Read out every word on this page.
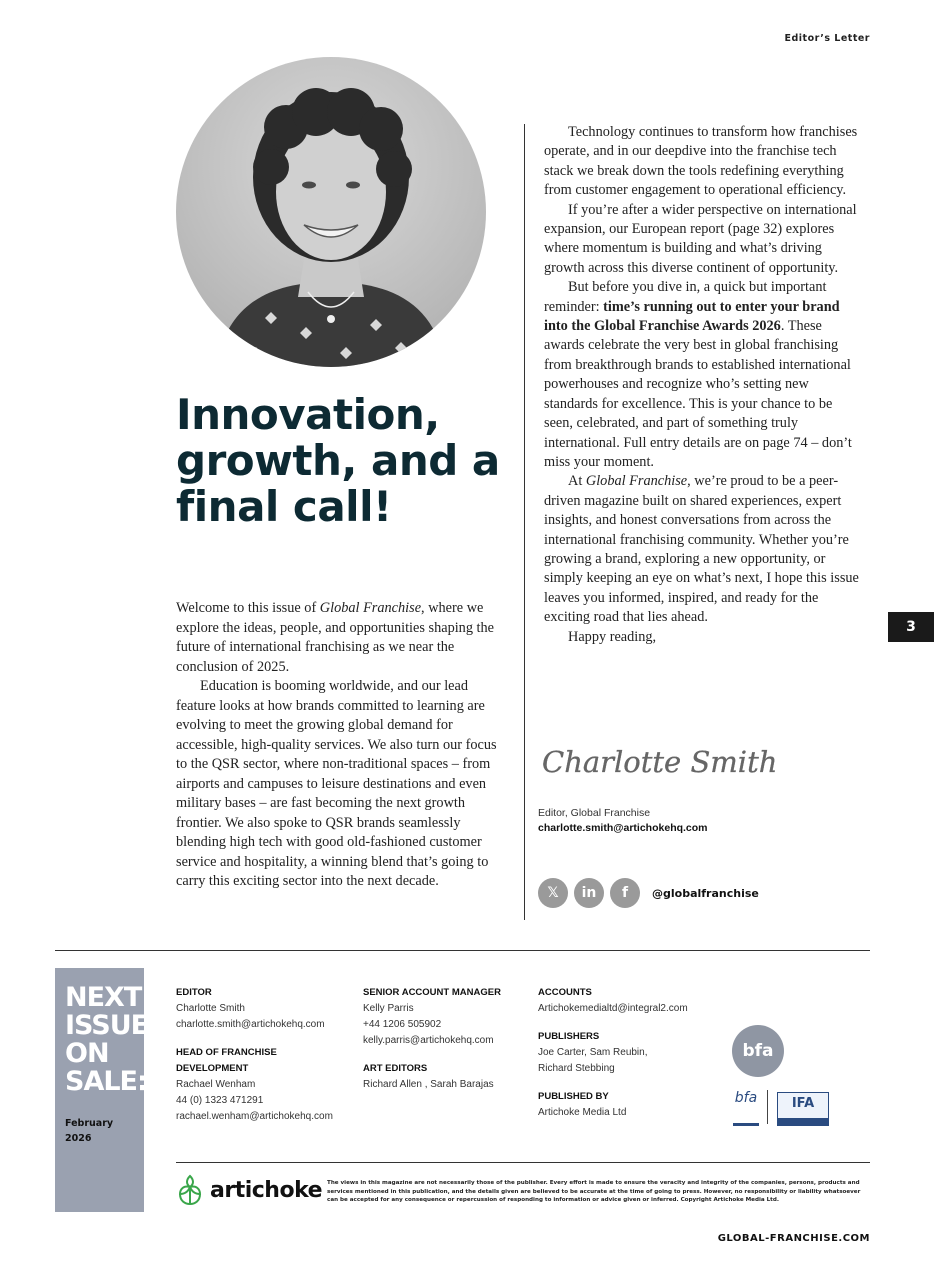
Editor’s Letter
Innovation, growth, and a final call!
Welcome to this issue of Global Franchise, where we explore the ideas, people, and opportunities shaping the future of international franchising as we near the conclusion of 2025.
Education is booming worldwide, and our lead feature looks at how brands committed to learning are evolving to meet the growing global demand for accessible, high-quality services. We also turn our focus to the QSR sector, where non-traditional spaces – from airports and campuses to leisure destinations and even military bases – are fast becoming the next growth frontier. We also spoke to QSR brands seamlessly blending high tech with good old-fashioned customer service and hospitality, a winning blend that’s going to carry this exciting sector into the next decade.
Technology continues to transform how franchises operate, and in our deepdive into the franchise tech stack we break down the tools redefining everything from customer engagement to operational efficiency.
If you’re after a wider perspective on international expansion, our European report (page 32) explores where momentum is building and what’s driving growth across this diverse continent of opportunity.
But before you dive in, a quick but important reminder: time’s running out to enter your brand into the Global Franchise Awards 2026. These awards celebrate the very best in global franchising from breakthrough brands to established international powerhouses and recognize who’s setting new standards for excellence. This is your chance to be seen, celebrated, and part of something truly international. Full entry details are on page 74 – don’t miss your moment.
At Global Franchise, we’re proud to be a peer-driven magazine built on shared experiences, expert insights, and honest conversations from across the international franchising community. Whether you’re growing a brand, exploring a new opportunity, or simply keeping an eye on what’s next, I hope this issue leaves you informed, inspired, and ready for the exciting road that lies ahead.
Happy reading,
Charlotte Smith
Editor, Global Franchise
charlotte.smith@artichokehq.com
𝕏	in	f	@globalfranchise
3
NEXT
ISSUE
ON
SALE:
February
2026
EDITOR
Charlotte Smith
charlotte.smith@artichokehq.com
HEAD OF FRANCHISE
DEVELOPMENT
Rachael Wenham
44 (0) 1323 471291
rachael.wenham@artichokehq.com
SENIOR ACCOUNT MANAGER
Kelly Parris
+44 1206 505902
kelly.parris@artichokehq.com
ART EDITORS
Richard Allen , Sarah Barajas
ACCOUNTS
Artichokemedialtd@integral2.com
PUBLISHERS
Joe Carter, Sam Reubin,
Richard Stebbing
PUBLISHED BY
Artichoke Media Ltd
bfa
bfa	IFA
artichoke The views in this magazine are not necessarily those of the publisher. Every effort is made to ensure the veracity and integrity of the companies, persons, products and services mentioned in this publication, and the details given are believed to be accurate at the time of going to press. However, no responsibility or liability whatsoever can be accepted for any consequence or repercussion of responding to information or advice given or inferred. Copyright Artichoke Media Ltd.
GLOBAL-FRANCHISE.COM
